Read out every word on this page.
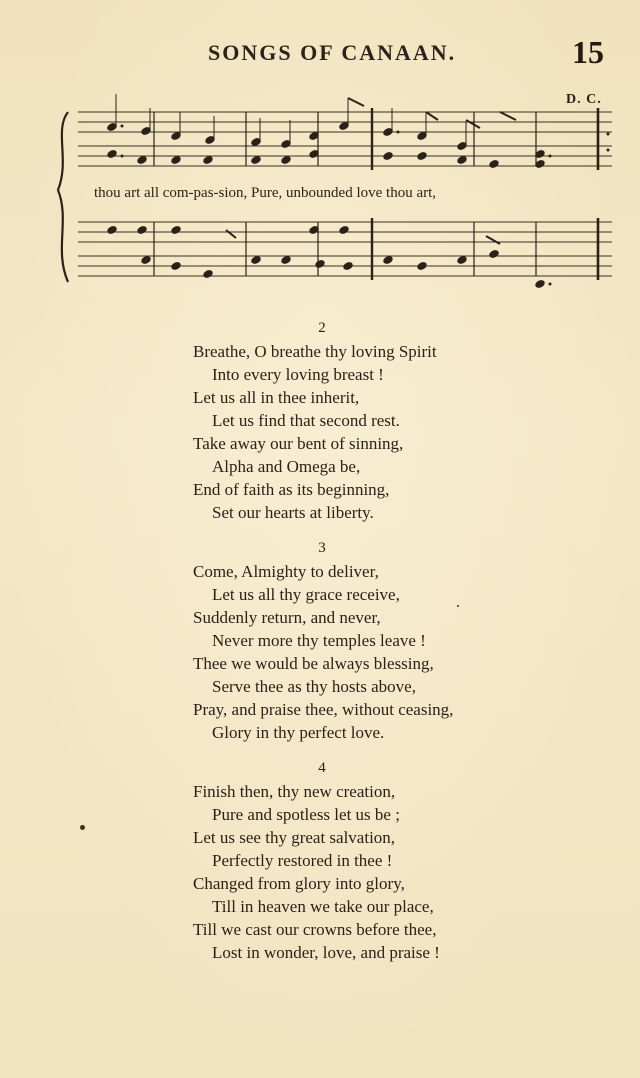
SONGS OF CANAAN.	15
D. C.
thou art all com-pas-sion, Pure, unbounded love thou art,
2
Breathe, O breathe thy loving Spirit
Into every loving breast !
Let us all in thee inherit,
Let us find that second rest.
Take away our bent of sinning,
Alpha and Omega be,
End of faith as its beginning,
Set our hearts at liberty.
3
Come, Almighty to deliver,
Let us all thy grace receive,
Suddenly return, and never,
Never more thy temples leave !
Thee we would be always blessing,
Serve thee as thy hosts above,
Pray, and praise thee, without ceasing,
Glory in thy perfect love.
4
Finish then, thy new creation,
Pure and spotless let us be ;
Let us see thy great salvation,
Perfectly restored in thee !
Changed from glory into glory,
Till in heaven we take our place,
Till we cast our crowns before thee,
Lost in wonder, love, and praise !
